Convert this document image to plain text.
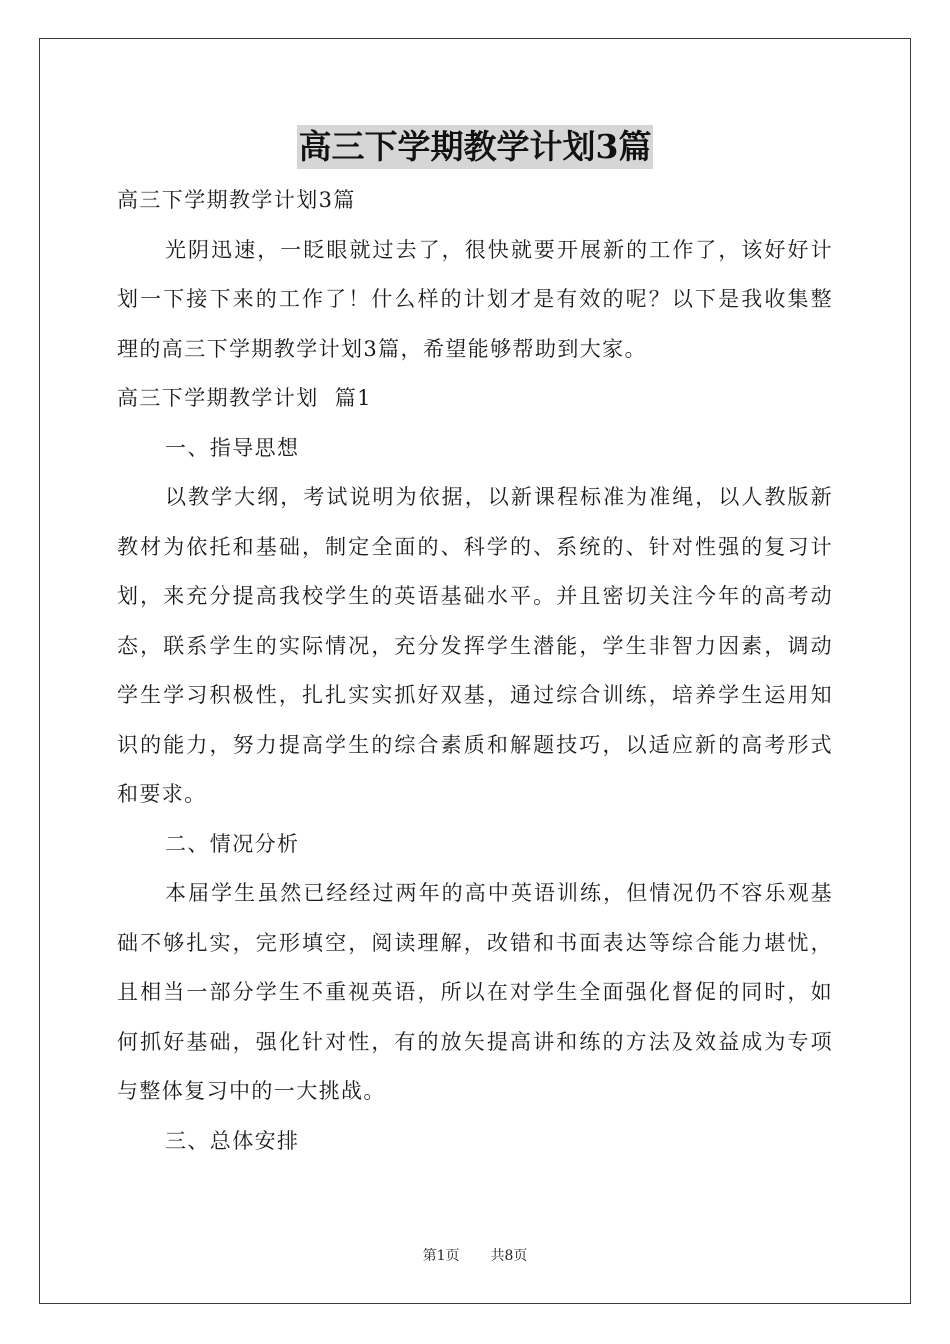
高三下学期教学计划3篇

高三下学期教学计划3篇

光阴迅速，一眨眼就过去了，很快就要开展新的工作了，该好好计划一下接下来的工作了！什么样的计划才是有效的呢？以下是我收集整理的高三下学期教学计划3篇，希望能够帮助到大家。

高三下学期教学计划  篇1

一、指导思想

以教学大纲，考试说明为依据，以新课程标准为准绳，以人教版新教材为依托和基础，制定全面的、科学的、系统的、针对性强的复习计划，来充分提高我校学生的英语基础水平。并且密切关注今年的高考动态，联系学生的实际情况，充分发挥学生潜能，学生非智力因素，调动学生学习积极性，扎扎实实抓好双基，通过综合训练，培养学生运用知识的能力，努力提高学生的综合素质和解题技巧，以适应新的高考形式和要求。

二、情况分析

本届学生虽然已经经过两年的高中英语训练，但情况仍不容乐观基础不够扎实，完形填空，阅读理解，改错和书面表达等综合能力堪忧，且相当一部分学生不重视英语，所以在对学生全面强化督促的同时，如何抓好基础，强化针对性，有的放矢提高讲和练的方法及效益成为专项与整体复习中的一大挑战。

三、总体安排

第1页 共8页
